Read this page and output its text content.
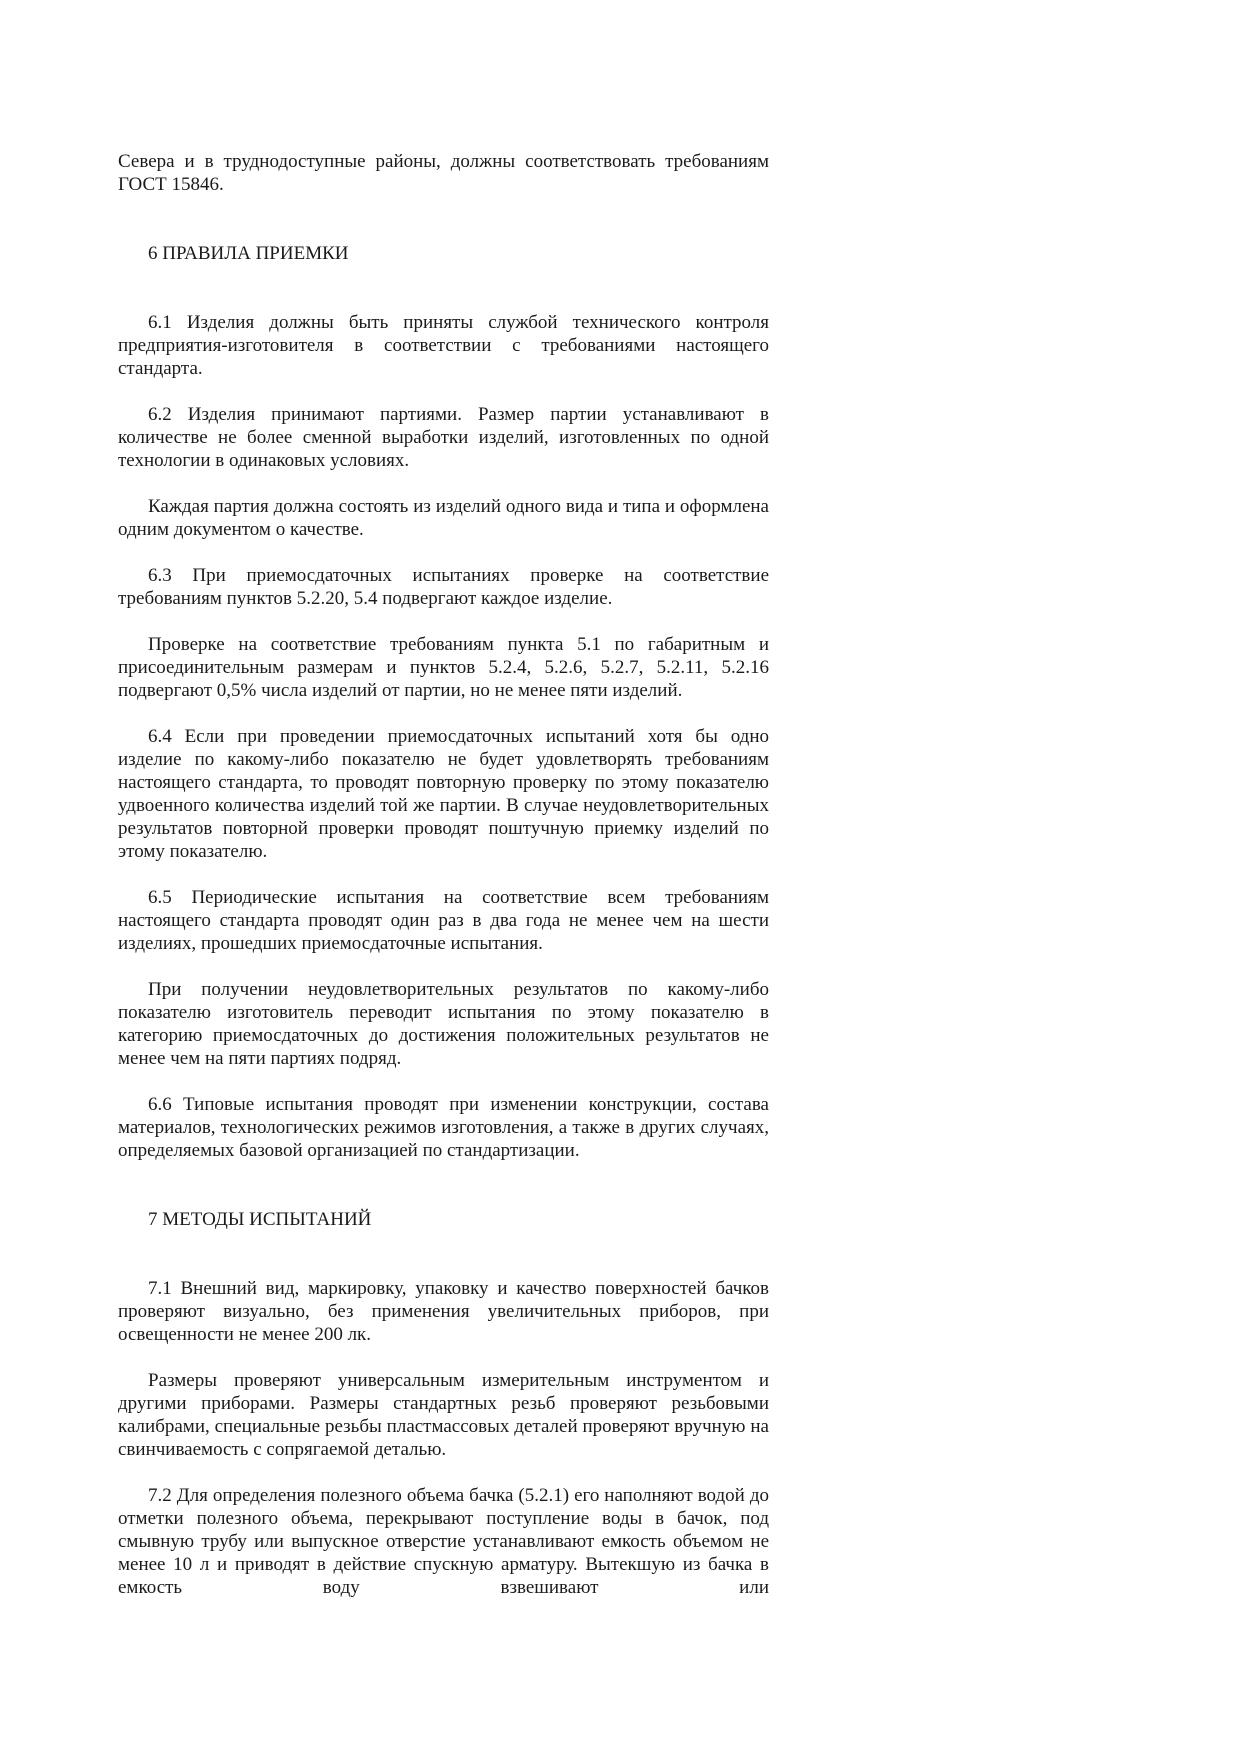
Севера и в труднодоступные районы, должны соответствовать требованиям ГОСТ 15846.

6 ПРАВИЛА ПРИЕМКИ

6.1 Изделия должны быть приняты службой технического контроля предприятия-изготовителя в соответствии с требованиями настоящего стандарта.

6.2 Изделия принимают партиями. Размер партии устанавливают в количестве не более сменной выработки изделий, изготовленных по одной технологии в одинаковых условиях.

Каждая партия должна состоять из изделий одного вида и типа и оформлена одним документом о качестве.

6.3 При приемосдаточных испытаниях проверке на соответствие требованиям пунктов 5.2.20, 5.4 подвергают каждое изделие.

Проверке на соответствие требованиям пункта 5.1 по габаритным и присоединительным размерам и пунктов 5.2.4, 5.2.6, 5.2.7, 5.2.11, 5.2.16 подвергают 0,5% числа изделий от партии, но не менее пяти изделий.

6.4 Если при проведении приемосдаточных испытаний хотя бы одно изделие по какому-либо показателю не будет удовлетворять требованиям настоящего стандарта, то проводят повторную проверку по этому показателю удвоенного количества изделий той же партии. В случае неудовлетворительных результатов повторной проверки проводят поштучную приемку изделий по этому показателю.

6.5 Периодические испытания на соответствие всем требованиям настоящего стандарта проводят один раз в два года не менее чем на шести изделиях, прошедших приемосдаточные испытания.

При получении неудовлетворительных результатов по какому-либо показателю изготовитель переводит испытания по этому показателю в категорию приемосдаточных до достижения положительных результатов не менее чем на пяти партиях подряд.

6.6 Типовые испытания проводят при изменении конструкции, состава материалов, технологических режимов изготовления, а также в других случаях, определяемых базовой организацией по стандартизации.

7 МЕТОДЫ ИСПЫТАНИЙ

7.1 Внешний вид, маркировку, упаковку и качество поверхностей бачков проверяют визуально, без применения увеличительных приборов, при освещенности не менее 200 лк.

Размеры проверяют универсальным измерительным инструментом и другими приборами. Размеры стандартных резьб проверяют резьбовыми калибрами, специальные резьбы пластмассовых деталей проверяют вручную на свинчиваемость с сопрягаемой деталью.

7.2 Для определения полезного объема бачка (5.2.1) его наполняют водой до отметки полезного объема, перекрывают поступление воды в бачок, под смывную трубу или выпускное отверстие устанавливают емкость объемом не менее 10 л и приводят в действие спускную арматуру. Вытекшую из бачка в емкость воду взвешивают или
